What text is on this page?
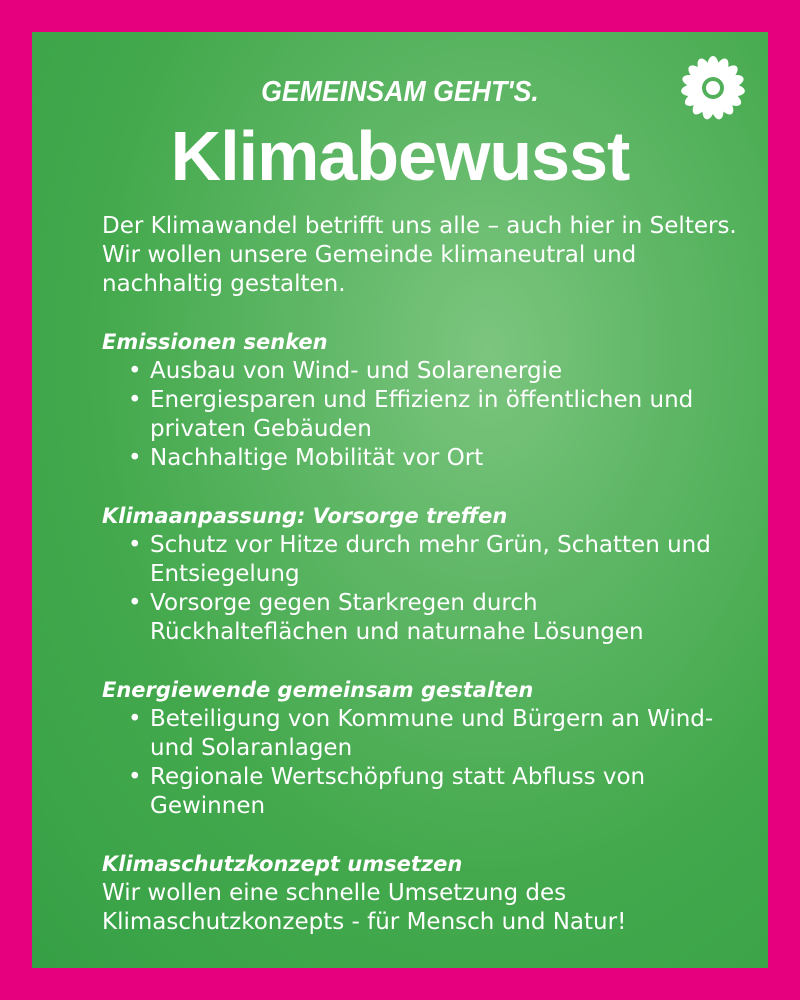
GEMEINSAM GEHT'S.
Klimabewusst

Der Klimawandel betrifft uns alle – auch hier in Selters. Wir wollen unsere Gemeinde klimaneutral und nachhaltig gestalten.

Emissionen senken
• Ausbau von Wind- und Solarenergie
• Energiesparen und Effizienz in öffentlichen und privaten Gebäuden
• Nachhaltige Mobilität vor Ort
Klimaanpassung: Vorsorge treffen
• Schutz vor Hitze durch mehr Grün, Schatten und Entsiegelung
• Vorsorge gegen Starkregen durch Rückhalteflächen und naturnahe Lösungen
Energiewende gemeinsam gestalten
• Beteiligung von Kommune und Bürgern an Wind- und Solaranlagen
• Regionale Wertschöpfung statt Abfluss von Gewinnen
Klimaschutzkonzept umsetzen

Wir wollen eine schnelle Umsetzung des Klimaschutzkonzepts - für Mensch und Natur!
